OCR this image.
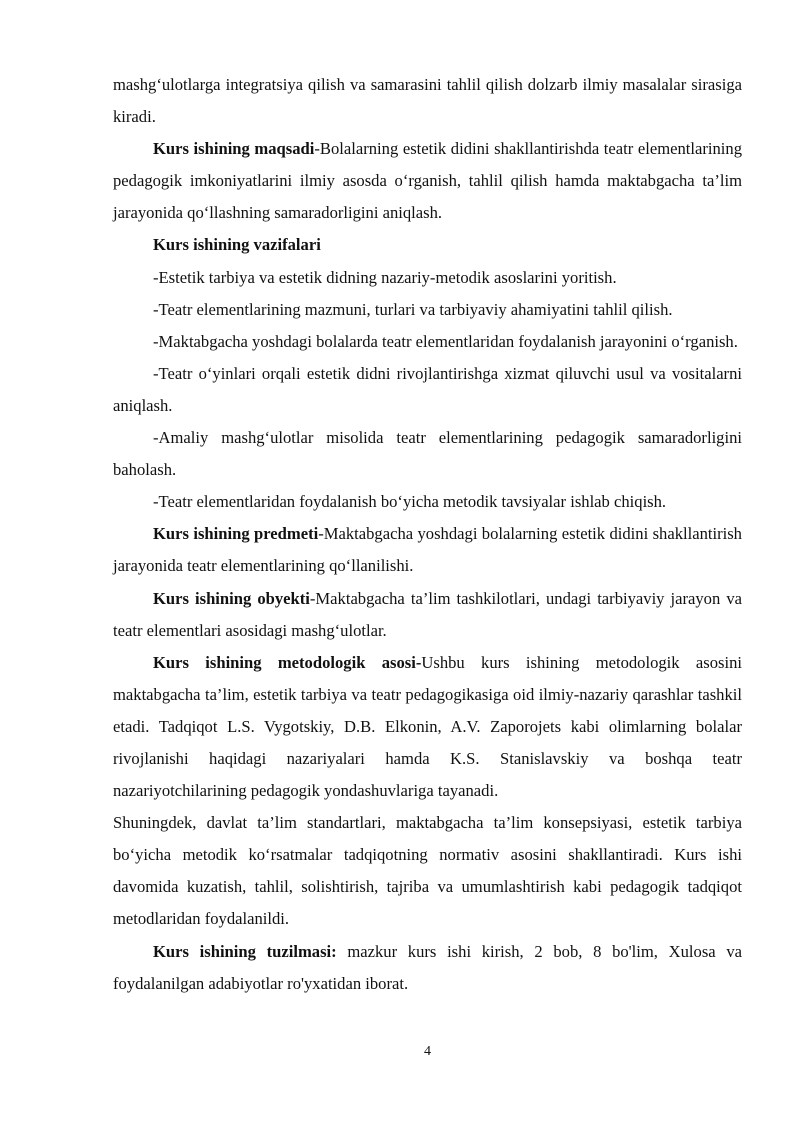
mashg‘ulotlarga integratsiya qilish va samarasini tahlil qilish dolzarb ilmiy masalalar sirasiga kiradi.

Kurs ishining maqsadi-Bolalarning estetik didini shakllantirishda teatr elementlarining pedagogik imkoniyatlarini ilmiy asosda o‘rganish, tahlil qilish hamda maktabgacha ta’lim jarayonida qo‘llashning samaradorligini aniqlash.

Kurs ishining vazifalari

-Estetik tarbiya va estetik didning nazariy-metodik asoslarini yoritish.

-Teatr elementlarining mazmuni, turlari va tarbiyaviy ahamiyatini tahlil qilish.

-Maktabgacha yoshdagi bolalarda teatr elementlaridan foydalanish jarayonini o‘rganish.

-Teatr o‘yinlari orqali estetik didni rivojlantirishga xizmat qiluvchi usul va vositalarni aniqlash.

-Amaliy mashg‘ulotlar misolida teatr elementlarining pedagogik samaradorligini baholash.

-Teatr elementlaridan foydalanish bo‘yicha metodik tavsiyalar ishlab chiqish.

Kurs ishining predmeti-Maktabgacha yoshdagi bolalarning estetik didini shakllantirish jarayonida teatr elementlarining qo‘llanilishi.

Kurs ishining obyekti-Maktabgacha ta’lim tashkilotlari, undagi tarbiyaviy jarayon va teatr elementlari asosidagi mashg‘ulotlar.

Kurs ishining metodologik asosi-Ushbu kurs ishining metodologik asosini maktabgacha ta’lim, estetik tarbiya va teatr pedagogikasiga oid ilmiy-nazariy qarashlar tashkil etadi. Tadqiqot L.S. Vygotskiy, D.B. Elkonin, A.V. Zaporojets kabi olimlarning bolalar rivojlanishi haqidagi nazariyalari hamda K.S. Stanislavskiy va boshqa teatr nazariyotchilarining pedagogik yondashuvlariga tayanadi.

Shuningdek, davlat ta’lim standartlari, maktabgacha ta’lim konsepsiyasi, estetik tarbiya bo‘yicha metodik ko‘rsatmalar tadqiqotning normativ asosini shakllantiradi. Kurs ishi davomida kuzatish, tahlil, solishtirish, tajriba va umumlashtirish kabi pedagogik tadqiqot metodlaridan foydalanildi.

Kurs ishining tuzilmasi: mazkur kurs ishi kirish, 2 bob, 8 bo'lim, Xulosa va foydalanilgan adabiyotlar ro'yxatidan iborat.

4
